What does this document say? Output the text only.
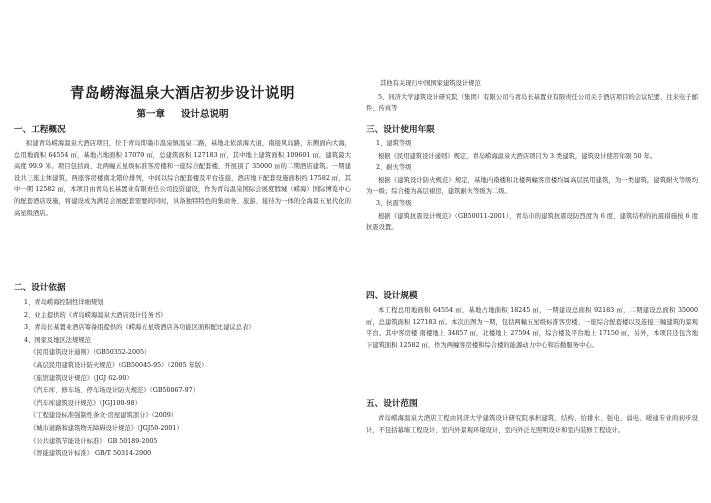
青岛崂海温泉大酒店初步设计说明
第一章 设计总说明
一、工程概况

拟建青岛崂海温泉大酒店项目，位于青岛即墨市温泉镇温泉二路，基地北依滨海大道，南接风岛路，东侧面向大海，总用地面积 64554 ㎡，基地占地面积 17079 ㎡，总建筑面积 127183 ㎡，其中地上建筑面积 109601 ㎡，建筑最大高度 99.9 米。项目包括商、北两幢五星级标准客房楼和一座综合配套楼，开展别了 35000 ㎡的二期酒店建筑。一期建设共三座主体建筑，两座客房楼南北错位排列，中间以综合配套楼及平台连接，酒店地下配套设施面积约 17582 ㎡，其中一期 12582 ㎡，本项目由青岛长基置业有限责任公司投资建设，作为青岛温泉国际会展度假城（崂海）国际博览中心的配套酒店设施，将建设成为满足会展配套需要的同时，具备独特特色的集商务、旅游、接待为一体的全海景五星代化的高星级酒店。

二、设计依据
1、青岛崂海控制性详细规划
2、业主提供的《青岛崂海温泉大酒店设计任务书》
3、青岛长基置业酒店筹备组提供的《崂海五星级酒店各功能区面积配比建议总表》
4、国家及地区法规规范
《民用建筑设计通则》（GB50352-2005）
《高层民用建筑设计防火规范》（GB50045-95）（2005 年版）
《旅馆建筑设计规范》（JGJ 62-90）
《汽车库、修车场、停车场设计防火规范》（GB50067-97）
《汽车库建筑设计规范》（JGJ100-98）
《工程建设标准强制性条文·房屋建筑部分》（2009）
《城市道路和建筑物无障碍设计规范》（JGJ50-2001）
《公共建筑节能设计标准》 GB 50189-2005
《智能建筑设计标准》 GB/T 50314-2000
其他有关现行中国国家建筑设计规范

5、同济大学建筑设计研究院（集团）有限公司与青岛长基置业有限责任公司关于酒店项目的会议纪要、往来电子邮件、传真等

三、设计使用年限
1、建筑等级

根据《民用建筑设计通则》规定，青岛崂海温泉大酒店项目为 3 类建筑，建筑设计使用年限 50 年。

2、耐火等级

根据《建筑设计防火规范》规定，基地内南楼和北楼两幢客房楼均属高层民用建筑，为一类建筑，建筑耐火等级均为一级；综合楼为高层裙房，建筑耐火等级为二级。

3、抗震等级

根据《建筑抗震设计规范》（GB50011-2001），青岛市的建筑抗震设防烈度为 6 度，建筑结构的抗震措施按 6 度抗震设置。

四、设计规模

本工程总用地面积 64554 ㎡，基地占地面积 18245 ㎡，一期建设总面积 92183 ㎡，二期建设总面积 35000 ㎡，总建筑面积 127183 ㎡。本次出图为一期，包括两幢五星级标准客房楼、一座综合配套楼以及连接三幢建筑的景观平台。其中客房楼 南楼地上 34857 ㎡，北楼地上 27594 ㎡，综合楼及平台地上 17150 ㎡，另外，本项目还包含地下建筑面积 12582 ㎡，作为两幢客房楼和综合楼的能源动力中心和后勤服务中心。

五、设计范围

青岛崂海温泉大酒店工程由同济大学建筑设计研究院承担建筑、结构、给排水、强电、弱电、暖通专业的初步设计，不包括幕墙工程设计、室内外景观环境设计、室内外泛光照明设计和室内装修工程设计。
